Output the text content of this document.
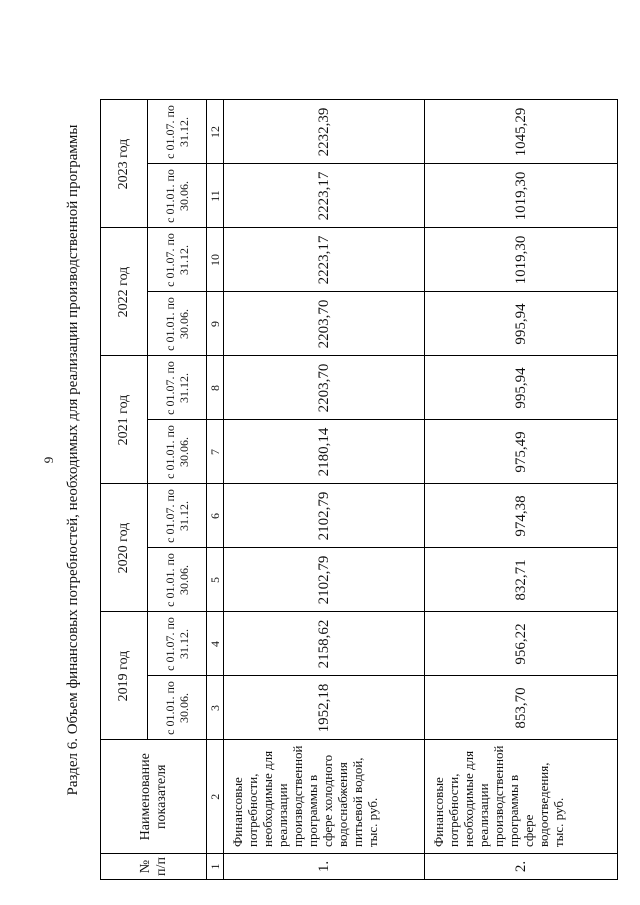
9 Раздел 6. Объем финансовых потребностей, необходимых для реализации производственной программы
№ п/п	Наименование показателя	2019 год		2020 год		2021 год		2022 год		2023 год	
		с 01.01. по 30.06.	с 01.07. по 31.12.	с 01.01. по 30.06.	с 01.07. по 31.12.	с 01.01. по 30.06.	с 01.07. по 31.12.	с 01.01. по 30.06.	с 01.07. по 31.12.	с 01.01. по 30.06.	с 01.07. по 31.12.
1	2	3	4	5	6	7	8	9	10	11	12
1.	Финансовые потребности, необходимые для реализации производственной программы в сфере холодного водоснабжения питьевой водой, тыс. руб.	1952,18	2158,62	2102,79	2102,79	2180,14	2203,70	2203,70	2223,17	2223,17	2232,39
2.	Финансовые потребности, необходимые для реализации производственной программы в сфере водоотведения, тыс. руб.	853,70	956,22	832,71	974,38	975,49	995,94	995,94	1019,30	1019,30	1045,29
